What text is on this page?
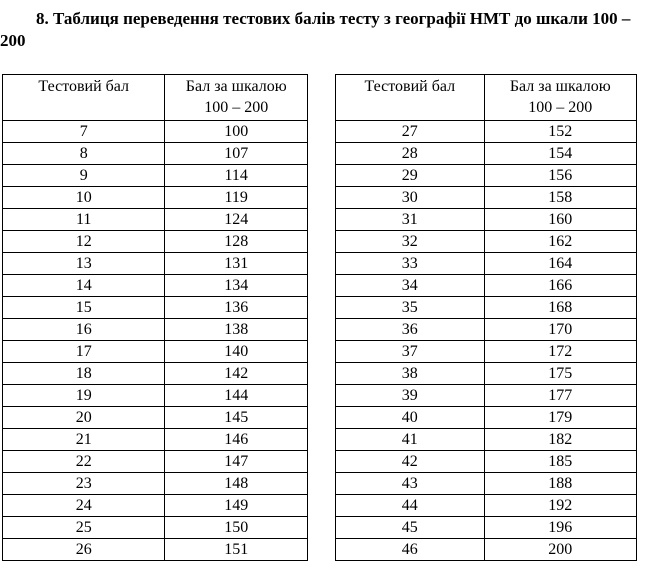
8. Таблиця переведення тестових балів тесту з географії НМТ до шкали 100 – 200

Тестовий бал	Бал за шкалою
100 – 200

7	100
8	107
9	114
10	119
11	124
12	128
13	131
14	134
15	136
16	138
17	140
18	142
19	144
20	145
21	146
22	147
23	148
24	149
25	150
26	151
Тестовий бал	Бал за шкалою
100 – 200

27	152
28	154
29	156
30	158
31	160
32	162
33	164
34	166
35	168
36	170
37	172
38	175
39	177
40	179
41	182
42	185
43	188
44	192
45	196
46	200
